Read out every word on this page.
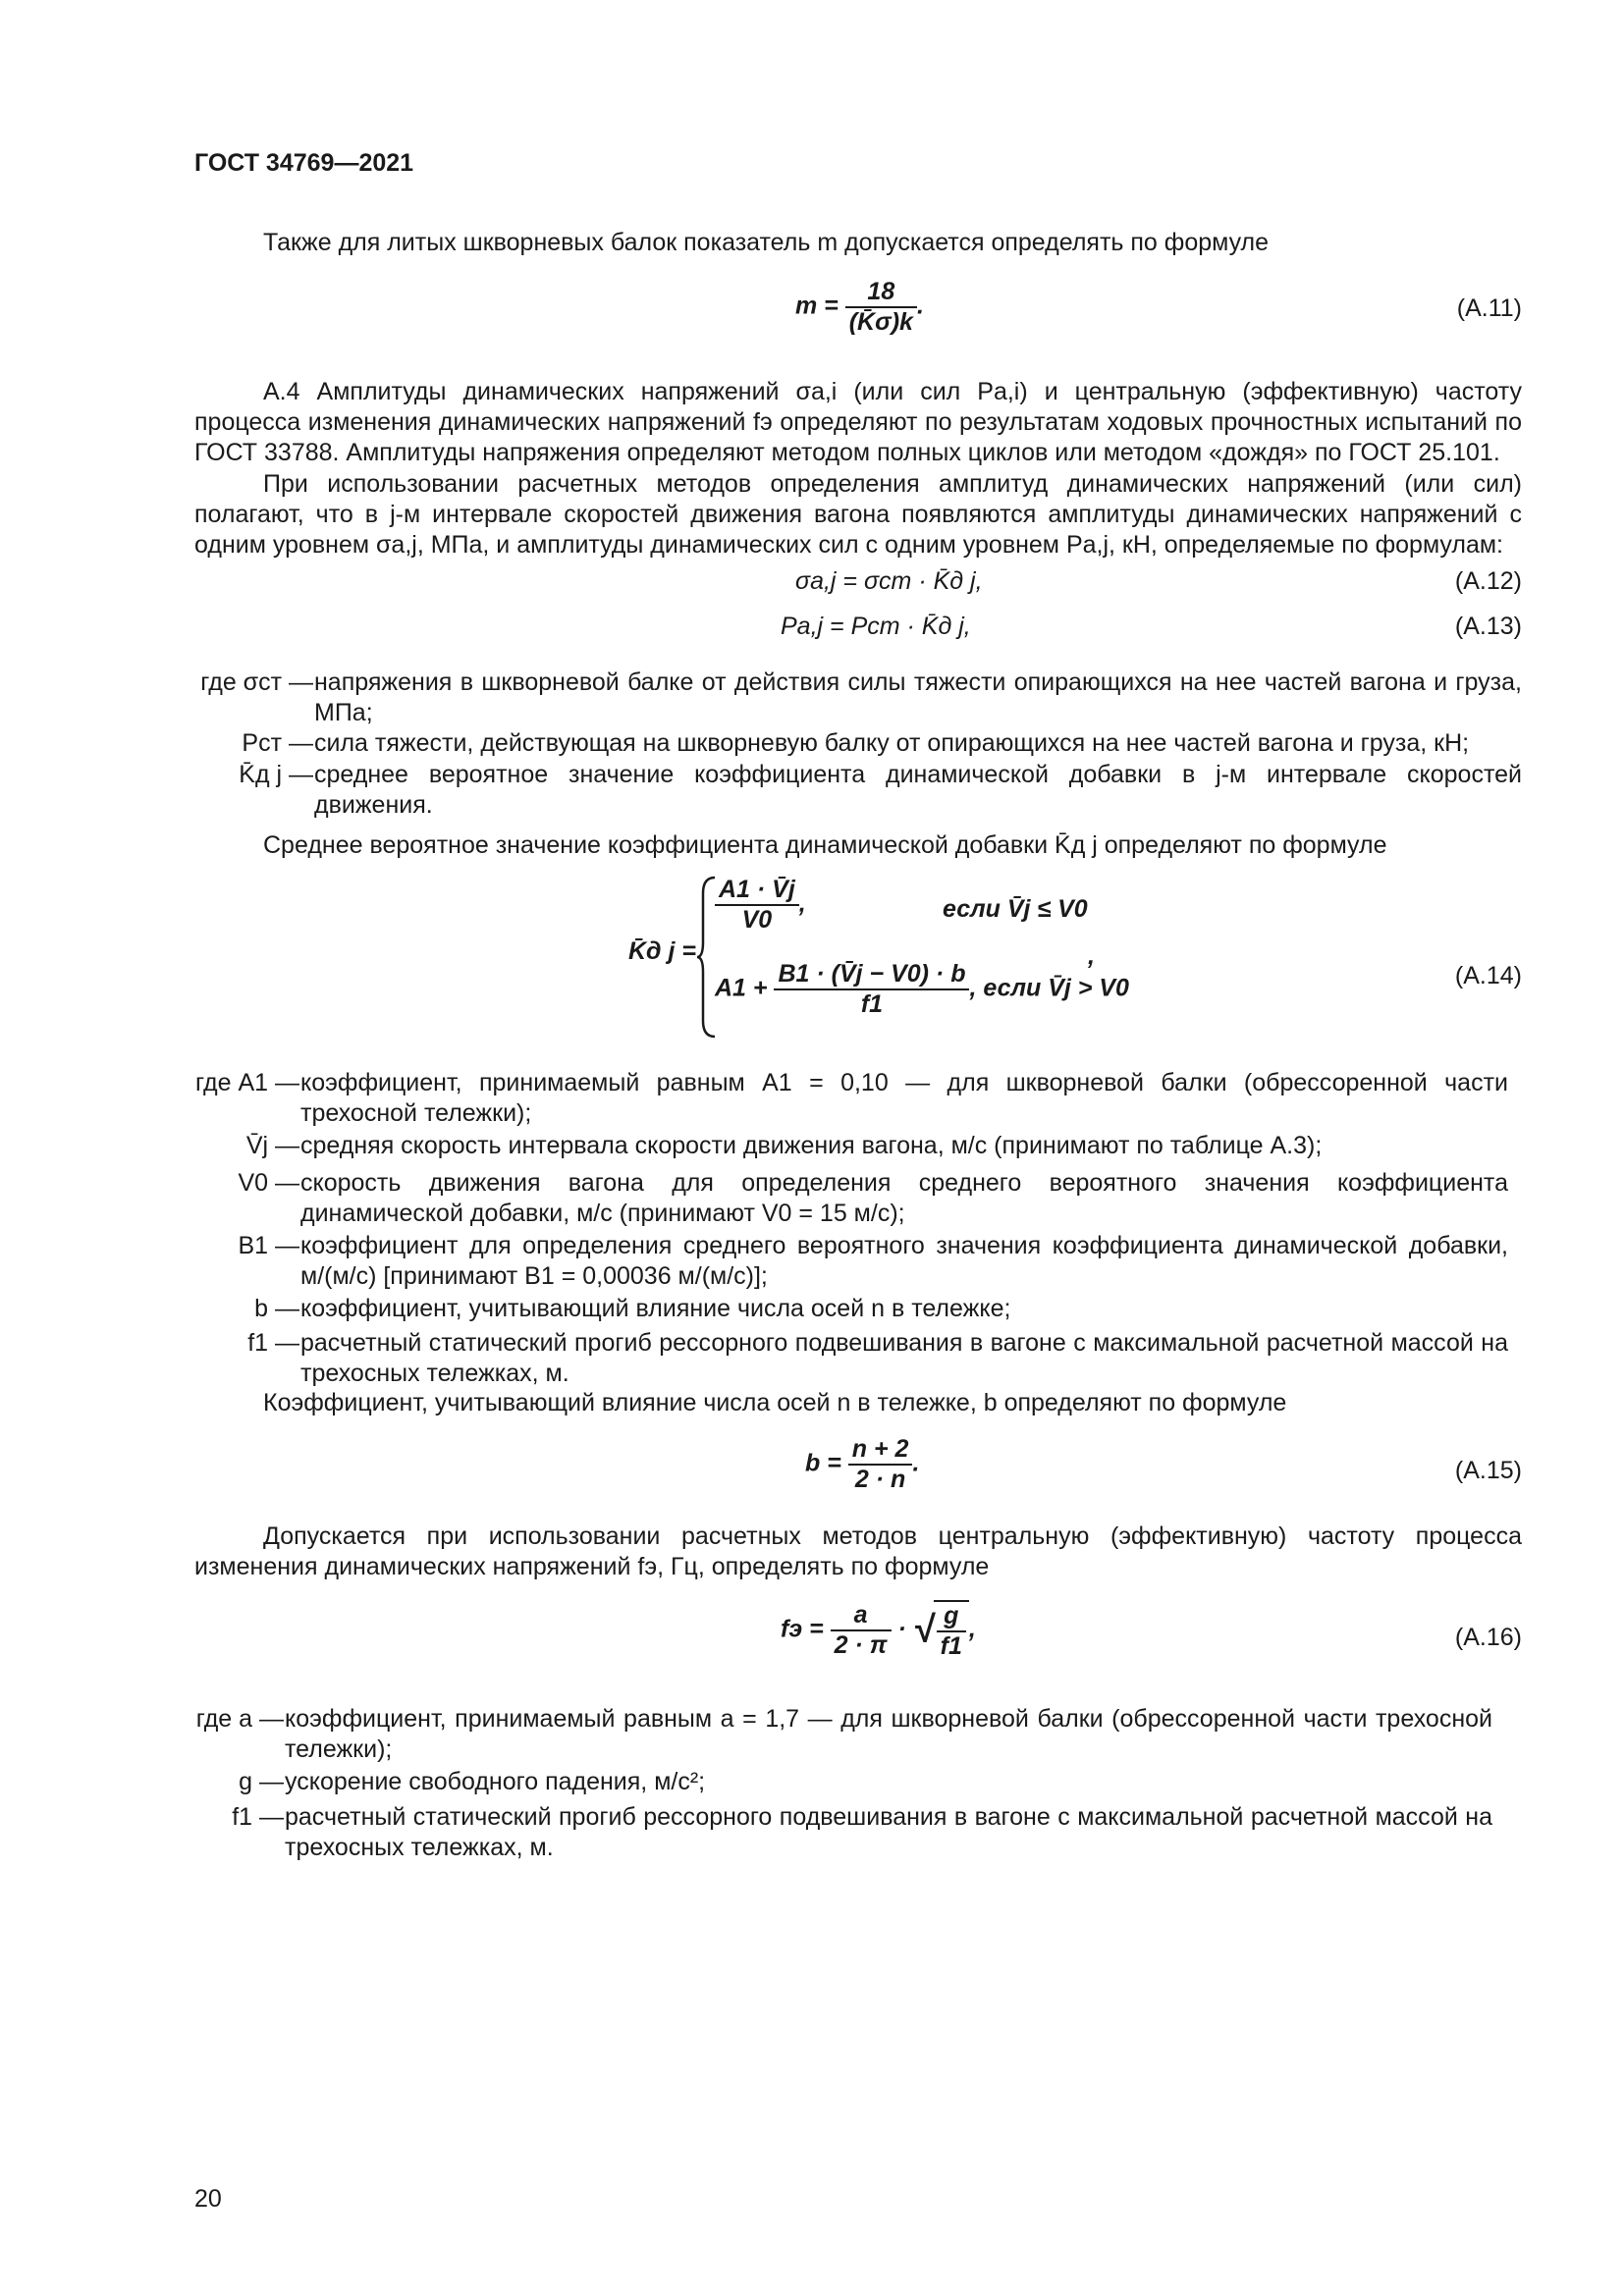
ГОСТ 34769—2021
Также для литых шкворневых балок показатель m допускается определять по формуле
$m = \frac{18}{(K̄\sigma)k}$ .	(А.11)
А.4 Амплитуды динамических напряжений σa,i (или сил Pa,i) и центральную (эффективную) частоту процесса изменения динамических напряжений fэ определяют по результатам ходовых прочностных испытаний по ГОСТ 33788. Амплитуды напряжения определяют методом полных циклов или методом «дождя» по ГОСТ 25.101.
При использовании расчетных методов определения амплитуд динамических напряжений (или сил) полагают, что в j-м интервале скоростей движения вагона появляются амплитуды динамических напряжений с одним уровнем σa,j, МПа, и амплитуды динамических сил с одним уровнем Pa,j, кН, определяемые по формулам:
σa,j = σст · K̄д j,	(А.12)
Pa,j = Pст · K̄д j,	(А.13)
где σст — напряжения в шкворневой балке от действия силы тяжести опирающихся на нее частей вагона и груза, МПа;
Pст — сила тяжести, действующая на шкворневую балку от опирающихся на нее частей вагона и груза, кН;
K̄д j — среднее вероятное значение коэффициента динамической добавки в j-м интервале скоростей движения.
Среднее вероятное значение коэффициента динамической добавки K̄д j определяют по формуле
K̄д j =
$\frac{A1 \cdot V̄j}{V0}$ ,	если V̄j ≤ V0
$A1 + \frac{B1 \cdot (V̄j - V0) \cdot b}{f1}$ , если V̄j > V0
,
(А.14)
где A1 — коэффициент, принимаемый равным A1 = 0,10 — для шкворневой балки (обрессоренной части трехосной тележки);
V̄j — средняя скорость интервала скорости движения вагона, м/с (принимают по таблице А.3);
V0 — скорость движения вагона для определения среднего вероятного значения коэффициента динамической добавки, м/с (принимают V0 = 15 м/с);
B1 — коэффициент для определения среднего вероятного значения коэффициента динамической добавки, м/(м/с) [принимают B1 = 0,00036 м/(м/с)];
b — коэффициент, учитывающий влияние числа осей n в тележке;
f1 — расчетный статический прогиб рессорного подвешивания в вагоне с максимальной расчетной массой на трехосных тележках, м.
Коэффициент, учитывающий влияние числа осей n в тележке, b определяют по формуле
$b = \frac{n + 2}{2 \cdot n}$ .	(А.15)
Допускается при использовании расчетных методов центральную (эффективную) частоту процесса изменения динамических напряжений fэ, Гц, определять по формуле
fэ = $\frac{a}{2 \cdot \pi}$ · √ $\frac{g}{f1}$ ,	(А.16)
где a — коэффициент, принимаемый равным a = 1,7 — для шкворневой балки (обрессоренной части трехосной тележки);
g — ускорение свободного падения, м/с²;
f1 — расчетный статический прогиб рессорного подвешивания в вагоне с максимальной расчетной массой на трехосных тележках, м.
20
